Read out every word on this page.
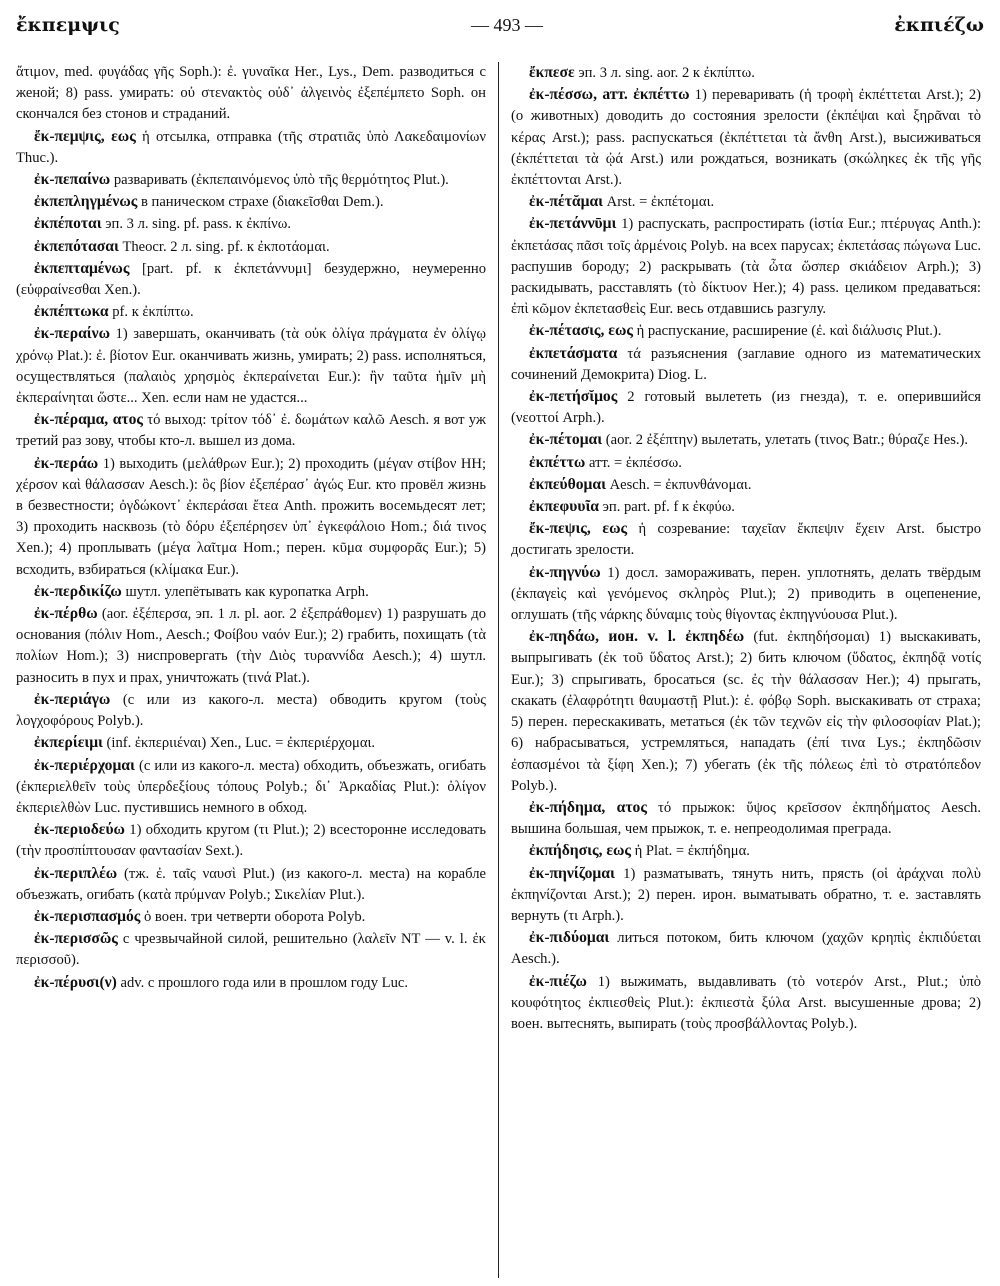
ἔκπεμψις	— 493 —	ἐκπιέζω

ἄτιμον, med. φυγάδας γῆς Soph.): ἐ. γυναῖκα Her., Lys., Dem. разводиться с женой; 8) pass. умирать: οὐ στενακτὸς οὐδ᾽ ἀλγεινὸς ἐξεπέμπετο Soph. он скончался без стонов и страданий.

ἔκ-πεμψις, εως ἡ отсылка, отправка (τῆς στρατιᾶς ὑπὸ Λακεδαιμονίων Thuc.).

ἐκ-πεπαίνω разваривать (ἐκπεπαινόμενος ὑπὸ τῆς θερμότητος Plut.).

ἐκπεπληγμένως в паническом страхе (διακεῖσθαι Dem.).

ἐκπέποται эп. 3 л. sing. pf. pass. к ἐκπίνω.

ἐκπεπότασαι Theocr. 2 л. sing. pf. к ἐκποτάομαι.

ἐκπεπταμένως [part. pf. к ἐκπετάννυμι] безудержно, неумеренно (εὐφραίνεσθαι Xen.).

ἐκπέπτωκα pf. к ἐκπίπτω.

ἐκ-περαίνω 1) завершать, оканчивать (τὰ οὐκ ὀλίγα πράγματα ἐν ὀλίγῳ χρόνῳ Plat.): ἐ. βίοτον Eur. оканчивать жизнь, умирать; 2) pass. исполняться, осуществляться (παλαιὸς χρησμὸς ἐκπεραίνεται Eur.): ἢν ταῦτα ἡμῖν μὴ ἐκπεραίνηται ὥστε... Xen. если нам не удастся...

ἐκ-πέραμα, ατος τό выход: τρίτον τόδ᾽ ἐ. δωμάτων καλῶ Aesch. я вот уж третий раз зову, чтобы кто-л. вышел из дома.

ἐκ-περάω 1) выходить (μελάθρων Eur.); 2) проходить (μέγαν στίβον HH; χέρσον καὶ θάλασσαν Aesch.): ὃς βίον ἐξεπέρασ᾽ ἀγώς Eur. кто провёл жизнь в безвестности; ὀγδώκοντ᾽ ἐκπεράσαι ἔτεα Anth. прожить восемьдесят лет; 3) проходить насквозь (τὸ δόρυ ἐξεπέρησεν ὑπ᾽ ἐγκεφάλοιο Hom.; διά τινος Xen.); 4) проплывать (μέγα λαῖτμα Hom.; перен. κῦμα συμφορᾶς Eur.); 5) всходить, взбираться (κλίμακα Eur.).

ἐκ-περδικίζω шутл. улепётывать как куропатка Arph.

ἐκ-πέρθω (aor. ἐξέπερσα, эп. 1 л. pl. aor. 2 ἐξεπράθομεν) 1) разрушать до основания (πόλιν Hom., Aesch.; Φοίβου ναόν Eur.); 2) грабить, похищать (τὰ πολίων Hom.); 3) ниспровергать (τὴν Διὸς τυραννίδα Aesch.); 4) шутл. разносить в пух и прах, уничтожать (τινά Plat.).

ἐκ-περιάγω (с или из какого-л. места) обводить кругом (τοὺς λογχοφόρους Polyb.).

ἐκπερίειμι (inf. ἐκπεριιέναι) Xen., Luc. = ἐκπεριέρχομαι.

ἐκ-περιέρχομαι (с или из какого-л. места) обходить, объезжать, огибать (ἐκπεριελθεῖν τοὺς ὑπερδεξίους τόπους Polyb.; δι᾽ Ἀρκαδίας Plut.): ὀλίγον ἐκπεριελθὼν Luc. пустившись немного в обход.

ἐκ-περιοδεύω 1) обходить кругом (τι Plut.); 2) всесторонне исследовать (τὴν προσπίπτουσαν φαντασίαν Sext.).

ἐκ-περιπλέω (тж. ἐ. ταῖς ναυσὶ Plut.) (из какого-л. места) на корабле объезжать, огибать (κατὰ πρύμναν Polyb.; Σικελίαν Plut.).

ἐκ-περισπασμός ὁ воен. три четверти оборота Polyb.

ἐκ-περισσῶς с чрезвычайной силой, решительно (λαλεῖν NT — v. l. ἐκ περισσοῦ).

ἐκ-πέρυσι(ν) adv. с прошлого года или в прошлом году Luc.

ἔκπεσε эп. 3 л. sing. aor. 2 к ἐκπίπτω.

ἐκ-πέσσω, атт. ἐκπέττω 1) переваривать (ἡ τροφὴ ἐκπέττεται Arst.); 2) (о животных) доводить до состояния зрелости (ἐκπέψαι καὶ ξηρᾶναι τὸ κέρας Arst.); pass. распускаться (ἐκπέττεται τὰ ἄνθη Arst.), высиживаться (ἐκπέττεται τὰ ᾠά Arst.) или рождаться, возникать (σκώληκες ἐκ τῆς γῆς ἐκπέττονται Arst.).

ἐκ-πέτᾰμαι Arst. = ἐκπέτομαι.

ἐκ-πετάννῡμι 1) распускать, распростирать (ἱστία Eur.; πτέρυγας Anth.): ἐκπετάσας πᾶσι τοῖς ἀρμένοις Polyb. на всех парусах; ἐκπετάσας πώγωνα Luc. распушив бороду; 2) раскрывать (τὰ ὦτα ὥσπερ σκιάδειον Arph.); 3) раскидывать, расставлять (τὸ δίκτυον Her.); 4) pass. целиком предаваться: ἐπὶ κῶμον ἐκπετασθεὶς Eur. весь отдавшись разгулу.

ἐκ-πέτασις, εως ἡ распускание, расширение (ἐ. καὶ διάλυσις Plut.).

ἐκπετάσματα τά разъяснения (заглавие одного из математических сочинений Демокрита) Diog. L.

ἐκ-πετήσῐμος 2 готовый вылететь (из гнезда), т. е. оперившийся (νεοττοί Arph.).

ἐκ-πέτομαι (aor. 2 ἐξέπτην) вылетать, улетать (τινος Batr.; θύραζε Hes.).

ἐκπέττω атт. = ἐκπέσσω.

ἐκπεύθομαι Aesch. = ἐκπυνθάνομαι.

ἐκπεφυυῖα эп. part. pf. f к ἐκφύω.

ἔκ-πεψις, εως ἡ созревание: ταχεῖαν ἔκπεψιν ἔχειν Arst. быстро достигать зрелости.

ἐκ-πηγνύω 1) досл. замораживать, перен. уплотнять, делать твёрдым (ἐκπαγεὶς καὶ γενόμενος σκληρὸς Plut.); 2) приводить в оцепенение, оглушать (τῆς νάρκης δύναμις τοὺς θίγοντας ἐκπηγνύουσα Plut.).

ἐκ-πηδάω, ион. v. l. ἐκπηδέω (fut. ἐκπηδήσομαι) 1) выскакивать, выпрыгивать (ἐκ τοῦ ὕδατος Arst.); 2) бить ключом (ὕδατος, ἐκπηδᾷ νοτίς Eur.); 3) спрыгивать, бросаться (sc. ἐς τὴν θάλασσαν Her.); 4) прыгать, скакать (ἐλαφρότητι θαυμαστῇ Plut.): ἐ. φόβῳ Soph. выскакивать от страха; 5) перен. перескакивать, метаться (ἐκ τῶν τεχνῶν εἰς τὴν φιλοσοφίαν Plat.); 6) набрасываться, устремляться, нападать (ἐπί τινα Lys.; ἐκπηδῶσιν ἐσπασμένοι τὰ ξίφη Xen.); 7) убегать (ἐκ τῆς πόλεως ἐπὶ τὸ στρατόπεδον Polyb.).

ἐκ-πήδημα, ατος τό прыжок: ὕψος κρεῖσσον ἐκπηδήματος Aesch. вышина большая, чем прыжок, т. е. непреодолимая преграда.

ἐκπήδησις, εως ἡ Plat. = ἐκπήδημα.

ἐκ-πηνίζομαι 1) разматывать, тянуть нить, прясть (οἱ ἀράχναι πολὺ ἐκπηνίζονται Arst.); 2) перен. ирон. выматывать обратно, т. е. заставлять вернуть (τι Arph.).

ἐκ-πιδύομαι литься потоком, бить ключом (χαχῶν κρηπὶς ἐκπιδύεται Aesch.).

ἐκ-πιέζω 1) выжимать, выдавливать (τὸ νοτερόν Arst., Plut.; ὑπὸ κουφότητος ἐκπιεσθεὶς Plut.): ἐκπιεστὰ ξύλα Arst. высушенные дрова; 2) воен. вытеснять, выпирать (τοὺς προσβάλλοντας Polyb.).
